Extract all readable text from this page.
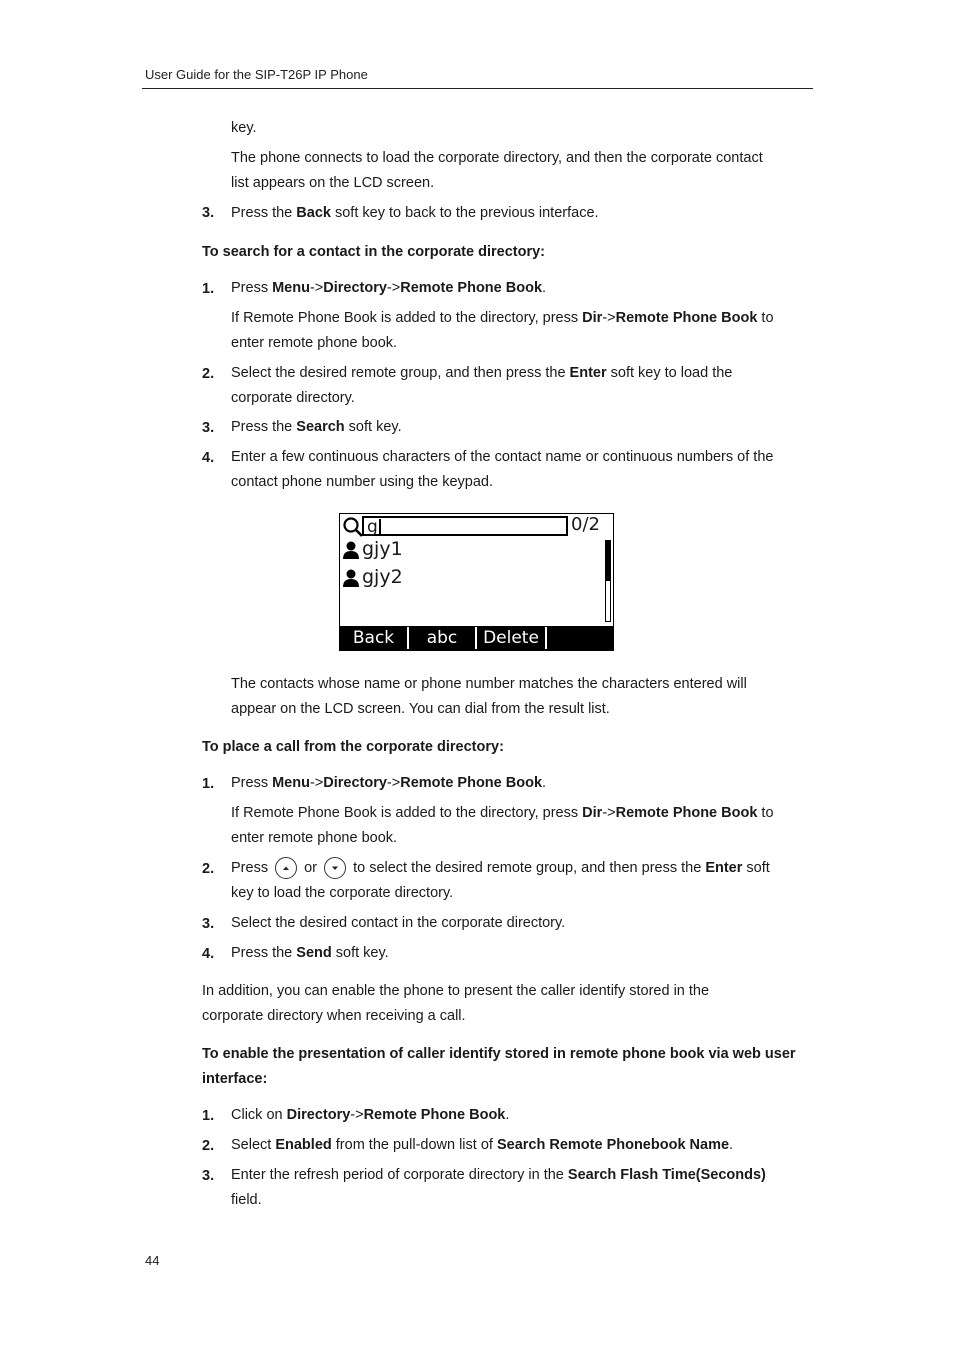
User Guide for the SIP-T26P IP Phone

key.

The phone connects to load the corporate directory, and then the corporate contact
list appears on the LCD screen.

3. Press the Back soft key to back to the previous interface.

To search for a contact in the corporate directory:

1. Press Menu->Directory->Remote Phone Book.

If Remote Phone Book is added to the directory, press Dir->Remote Phone Book to
enter remote phone book.

2. Select the desired remote group, and then press the Enter soft key to load the
corporate directory.

3. Press the Search soft key.

4. Enter a few continuous characters of the contact name or continuous numbers of the
contact phone number using the keypad.

g	0/2
gjy1
gjy2
Back	abc	Delete

The contacts whose name or phone number matches the characters entered will
appear on the LCD screen. You can dial from the result list.

To place a call from the corporate directory:

1. Press Menu->Directory->Remote Phone Book.

If Remote Phone Book is added to the directory, press Dir->Remote Phone Book to
enter remote phone book.

2. Press
or
to select the desired remote group, and then press the Enter soft
key to load the corporate directory.

3. Select the desired contact in the corporate directory.

4. Press the Send soft key.

In addition, you can enable the phone to present the caller identify stored in the
corporate directory when receiving a call.

To enable the presentation of caller identify stored in remote phone book via web user
interface:

1. Click on Directory->Remote Phone Book.

2. Select Enabled from the pull-down list of Search Remote Phonebook Name.

3. Enter the refresh period of corporate directory in the Search Flash Time(Seconds)
field.

44
